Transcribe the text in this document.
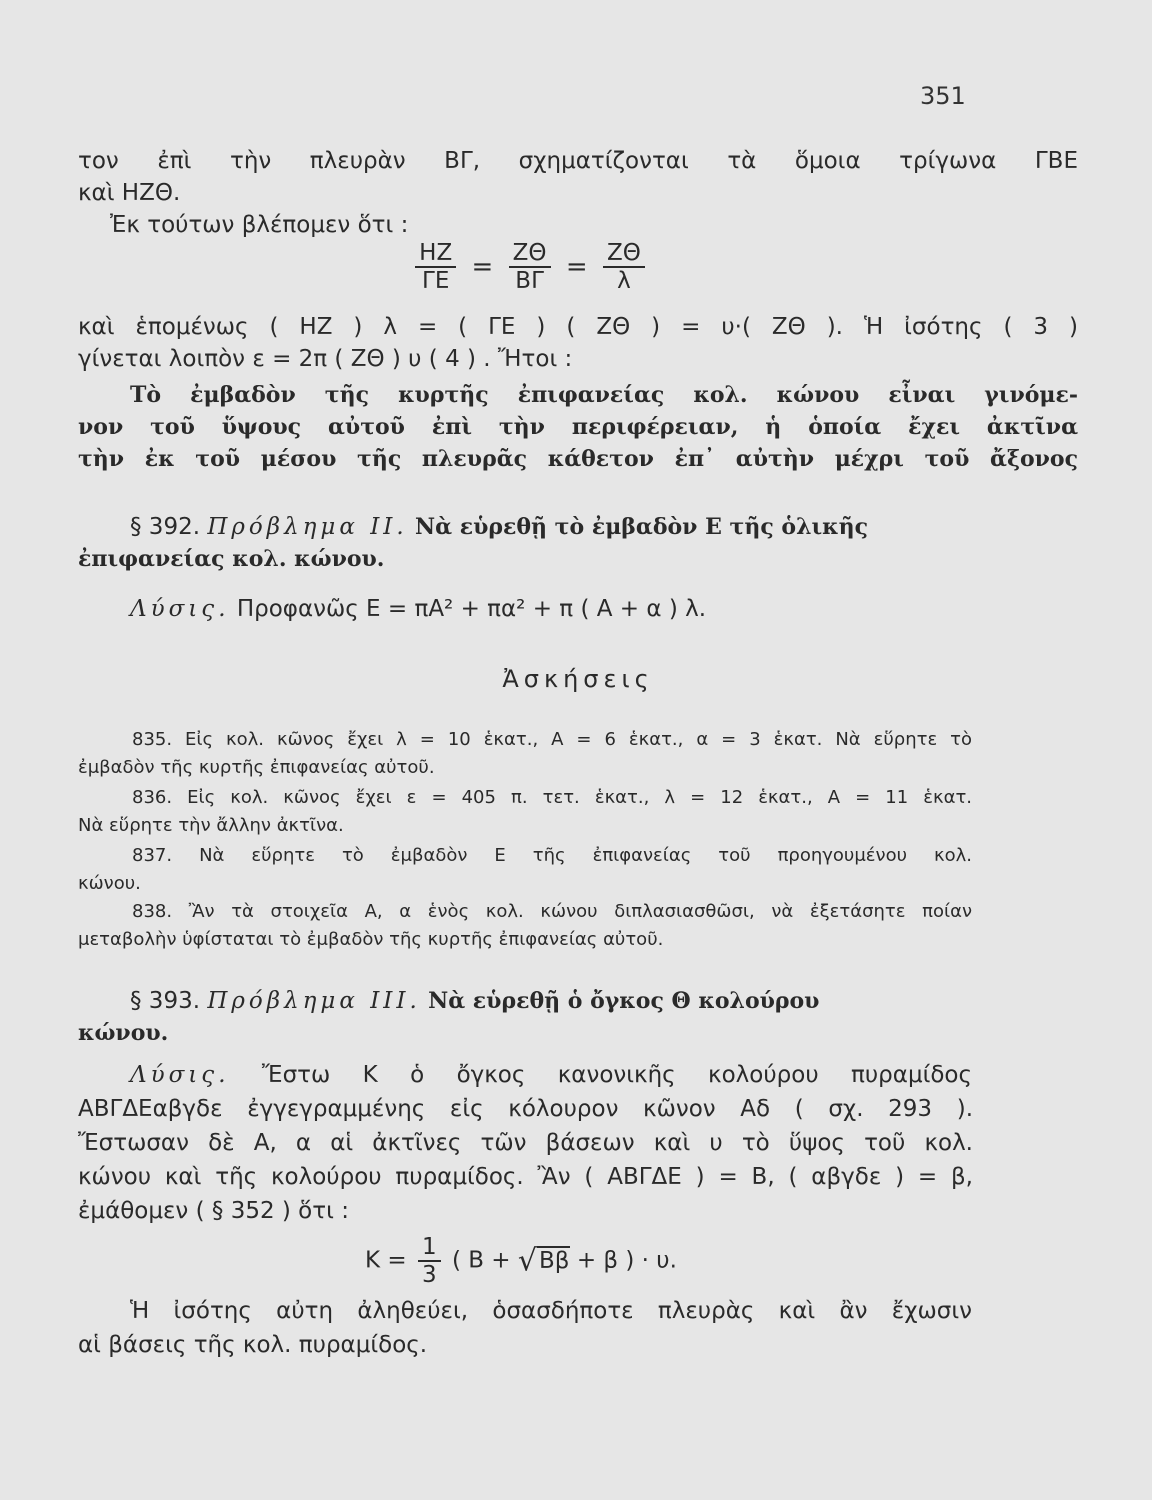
351
τον ἐπὶ τὴν πλευρὰν ΒΓ, σχηματίζονται τὰ ὅμοια τρίγωνα ΓΒΕ
καὶ ΗΖΘ.
Ἐκ τούτων βλέπομεν ὅτι :
$\frac{HZ}{\Gamma E} = \frac{Z\Theta}{B\Gamma} = \frac{Z\Theta}{\lambda}$
καὶ ἑπομένως ( ΗΖ ) λ = ( ΓΕ ) ( ΖΘ ) = υ·( ΖΘ ). Ἡ ἰσότης ( 3 )
γίνεται λοιπὸν ε = 2π ( ΖΘ ) υ ( 4 ) . Ἤτοι :
Τὸ ἐμβαδὸν τῆς κυρτῆς ἐπιφανείας κολ. κώνου εἶναι γινόμε-
νον τοῦ ὕψους αὐτοῦ ἐπὶ τὴν περιφέρειαν, ἡ ὁποία ἔχει ἀκτῖνα
τὴν ἐκ τοῦ μέσου τῆς πλευρᾶς κάθετον ἐπ᾽ αὐτὴν μέχρι τοῦ ἄξονος
§ 392. Πρόβλημα ΙΙ. Νὰ εὑρεθῇ τὸ ἐμβαδὸν Ε τῆς ὁλικῆς
ἐπιφανείας κολ. κώνου.
Λύσις. Προφανῶς Ε = πΑ² + πα² + π ( Α + α ) λ.
Ἀσκήσεις
835. Εἰς κολ. κῶνος ἔχει λ = 10 ἑκατ., Α = 6 ἑκατ., α = 3 ἑκατ. Νὰ εὕρητε τὸ
ἐμβαδὸν τῆς κυρτῆς ἐπιφανείας αὐτοῦ.
836. Εἰς κολ. κῶνος ἔχει ε = 405 π. τετ. ἑκατ., λ = 12 ἑκατ., Α = 11 ἑκατ.
Νὰ εὕρητε τὴν ἄλλην ἀκτῖνα.
837. Νὰ εὕρητε τὸ ἐμβαδὸν Ε τῆς ἐπιφανείας τοῦ προηγουμένου κολ.
κώνου.
838. Ἂν τὰ στοιχεῖα Α, α ἑνὸς κολ. κώνου διπλασιασθῶσι, νὰ ἐξετάσητε ποίαν
μεταβολὴν ὑφίσταται τὸ ἐμβαδὸν τῆς κυρτῆς ἐπιφανείας αὐτοῦ.
§ 393. Πρόβλημα ΙΙΙ. Νὰ εὑρεθῇ ὁ ὄγκος Θ κολούρου
κώνου.
Λύσις. Ἔστω Κ ὁ ὄγκος κανονικῆς κολούρου πυραμίδος
ΑΒΓΔΕαβγδε ἐγγεγραμμένης εἰς κόλουρον κῶνον Αδ ( σχ. 293 ).
Ἔστωσαν δὲ Α, α αἱ ἀκτῖνες τῶν βάσεων καὶ υ τὸ ὕψος τοῦ κολ.
κώνου καὶ τῆς κολούρου πυραμίδος. Ἂν ( ΑΒΓΔΕ ) = Β, ( αβγδε ) = β,
ἐμάθομεν ( § 352 ) ὅτι :
$K = \frac{1}{3}$ ( Β + √Ββ + β ) · υ.
Ἡ ἰσότης αὐτη ἀληθεύει, ὁσασδήποτε πλευρὰς καὶ ἂν ἔχωσιν
αἱ βάσεις τῆς κολ. πυραμίδος.
